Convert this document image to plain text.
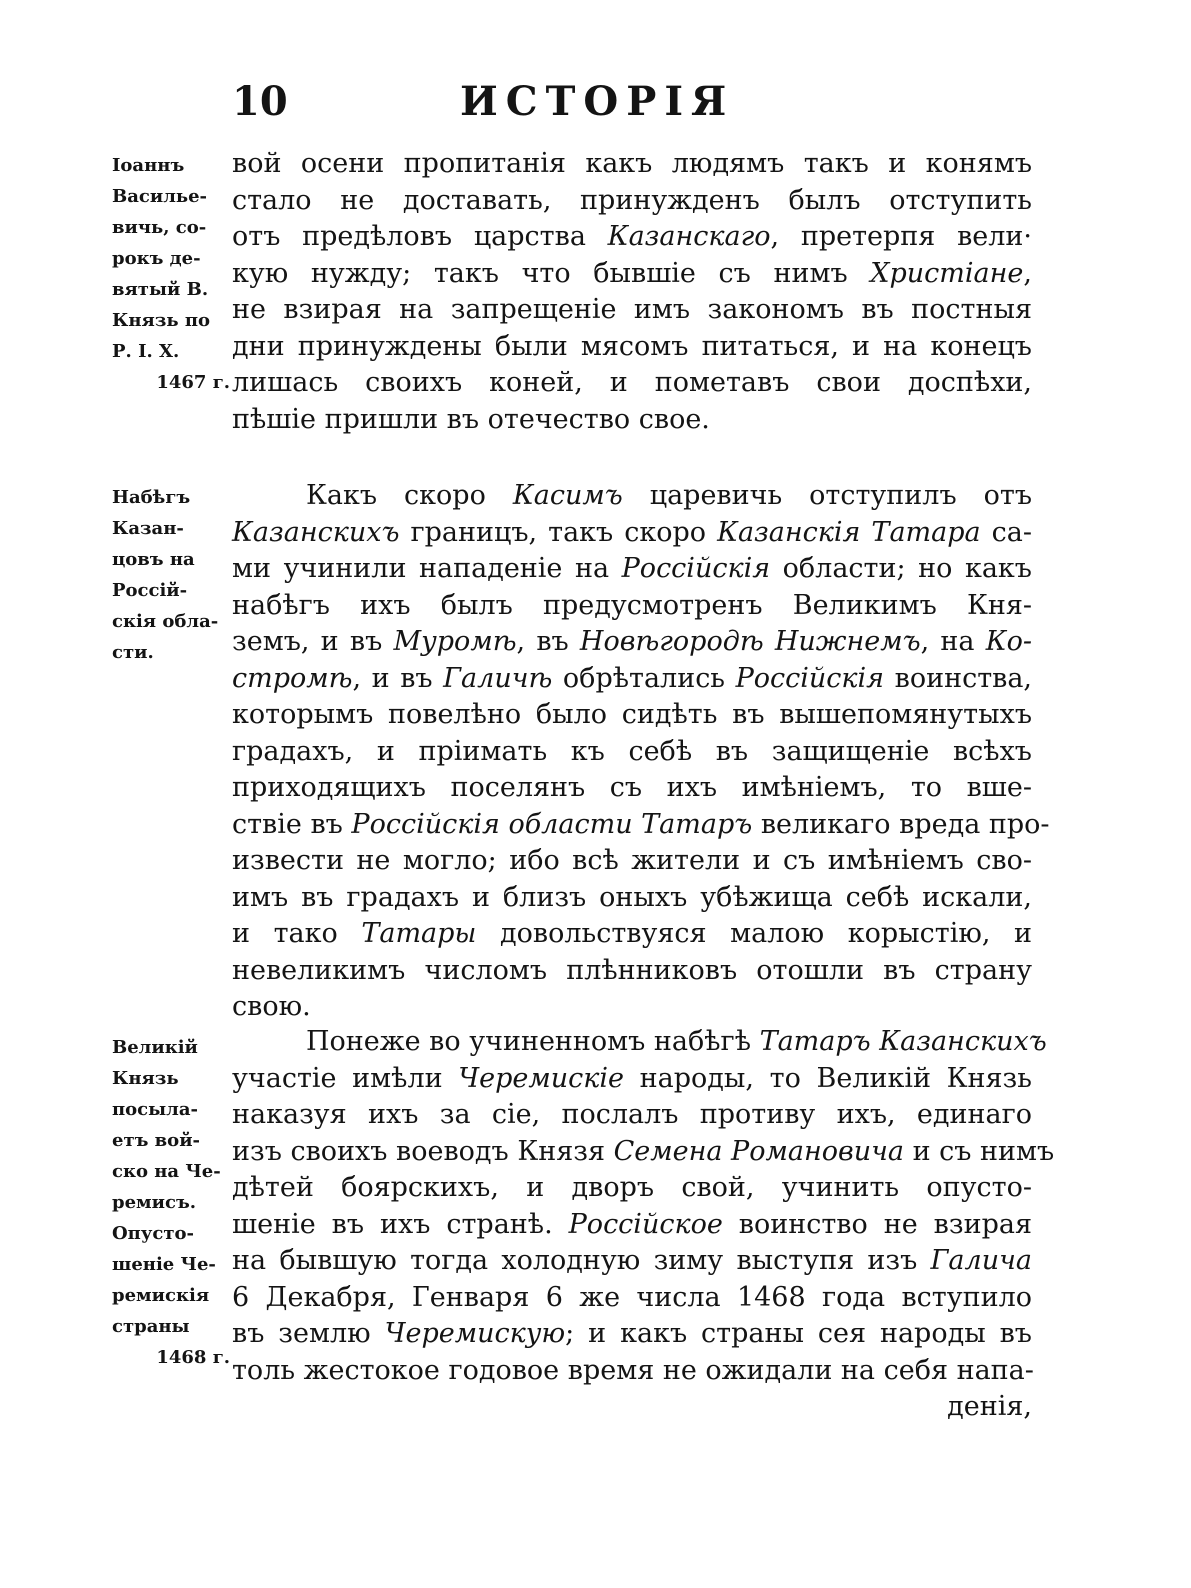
10	ИСТОРІЯ
Іоаннъ
Василье-
вичь, со-
рокъ де-
вятый В.
Князь по
Р. І. Х.
1467 г.
вой осени пропитанія какъ людямъ такъ и конямъ
стало не доставать, принужденъ былъ отступить
отъ предѣловъ царства Казанскаго, претерпя вели·
кую нужду; такъ что бывшіе съ нимъ Христіане,
не взирая на запрещеніе имъ закономъ въ постныя
дни принуждены были мясомъ питаться, и на конецъ
лишась своихъ коней, и пометавъ свои доспѣхи,
пѣшіе пришли въ отечество свое.
Набѣгъ
Казан-
цовъ на
Россій-
скія обла-
сти.
Какъ скоро Касимъ царевичь отступилъ отъ
Казанскихъ границъ, такъ скоро Казанскія Татара са-
ми учинили нападеніе на Россійскія области; но какъ
набѣгъ ихъ былъ предусмотренъ Великимъ Кня-
земъ, и въ Муромѣ, въ Новѣгородѣ Нижнемъ, на Ко-
стромѣ, и въ Галичѣ обрѣтались Россійскія воинства,
которымъ повелѣно было сидѣть въ вышепомянутыхъ
градахъ, и пріимать къ себѣ въ защищеніе всѣхъ
приходящихъ поселянъ съ ихъ имѣніемъ, то вше-
ствіе въ Россійскія области Татаръ великаго вреда про-
извести не могло; ибо всѣ жители и съ имѣніемъ сво-
имъ въ градахъ и близъ оныхъ убѣжища себѣ искали,
и тако Татары довольствуяся малою корыстію, и
невеликимъ числомъ плѣнниковъ отошли въ страну
свою.
Великій
Князь
посылa-
етъ вой-
ско на Че-
ремисъ.
Опусто-
шеніе Че-
ремискія
страны
1468 г.
Понеже во учиненномъ набѣгѣ Татаръ Казанскихъ
участіе имѣли Черемискіе народы, то Великій Князь
наказуя ихъ за сіе, послалъ противу ихъ, единаго
изъ своихъ воеводъ Князя Семена Романовича и съ нимъ
дѣтей боярскихъ, и дворъ свой, учинить опусто-
шеніе въ ихъ странѣ. Россійское воинство не взирая
на бывшую тогда холодную зиму выступя изъ Галича
6 Декабря, Генваря 6 же числа 1468 года вступило
въ землю Черемискую; и какъ страны сея народы въ
толь жестокое годовое время не ожидали на себя напа-
денія,
